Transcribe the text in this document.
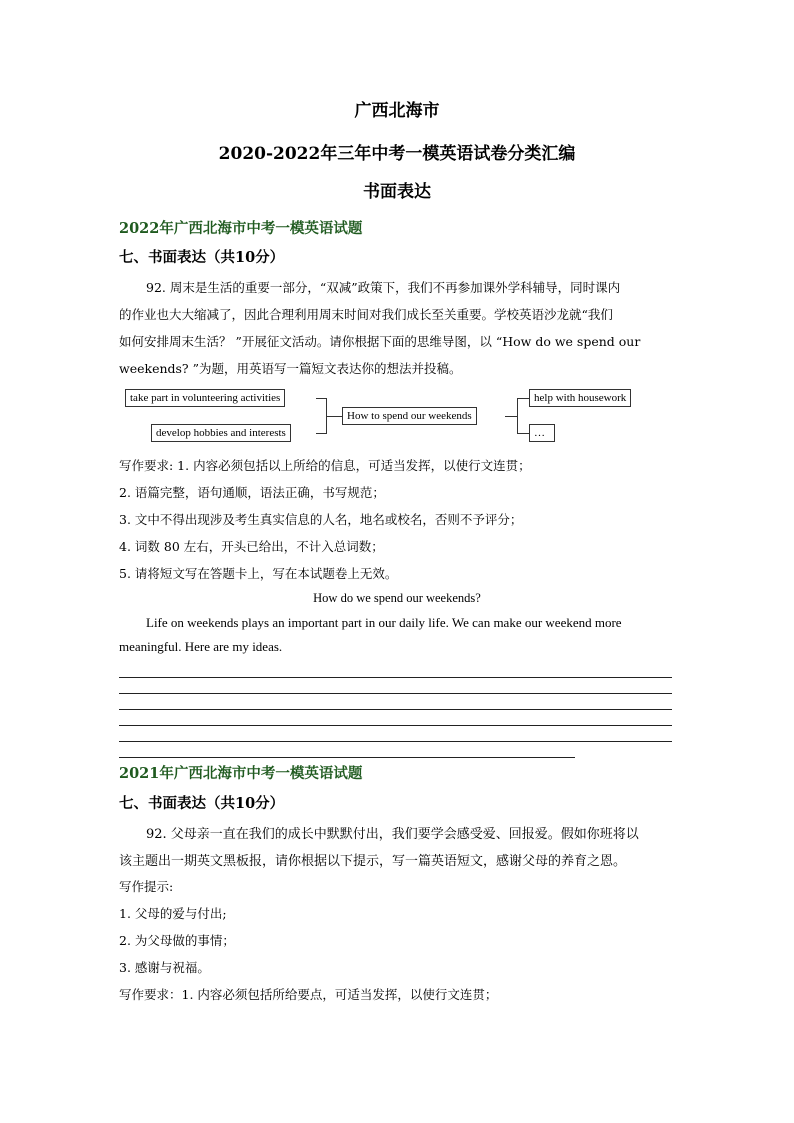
广西北海市
2020-2022年三年中考一模英语试卷分类汇编
书面表达
2022年广西北海市中考一模英语试题
七、书面表达（共10分）
92. 周末是生活的重要一部分，“双减”政策下，我们不再参加课外学科辅导，同时课内
的作业也大大缩减了，因此合理利用周末时间对我们成长至关重要。学校英语沙龙就“我们
如何安排周末生活？ ”开展征文活动。请你根据下面的思维导图，以 “How do we spend our
weekends? ”为题，用英语写一篇短文表达你的想法并投稿。
take part in volunteering activities
develop hobbies and interests
How to spend our weekends
help with housework
…
写作要求: 1. 内容必须包括以上所给的信息，可适当发挥，以使行文连贯；
2. 语篇完整，语句通顺，语法正确，书写规范；
3. 文中不得出现涉及考生真实信息的人名，地名或校名，否则不予评分；
4. 词数 80 左右，开头已给出，不计入总词数；
5. 请将短文写在答题卡上，写在本试题卷上无效。
How do we spend our weekends?
Life on weekends plays an important part in our daily life. We can make our weekend more
meaningful. Here are my ideas.
2021年广西北海市中考一模英语试题
七、书面表达（共10分）
92. 父母亲一直在我们的成长中默默付出，我们要学会感受爱、回报爱。假如你班将以
该主题出一期英文黑板报，请你根据以下提示，写一篇英语短文，感谢父母的养育之恩。
写作提示:
1. 父母的爱与付出;
2. 为父母做的事情；
3. 感谢与祝福。
写作要求：1. 内容必须包括所给要点，可适当发挥，以使行文连贯；
